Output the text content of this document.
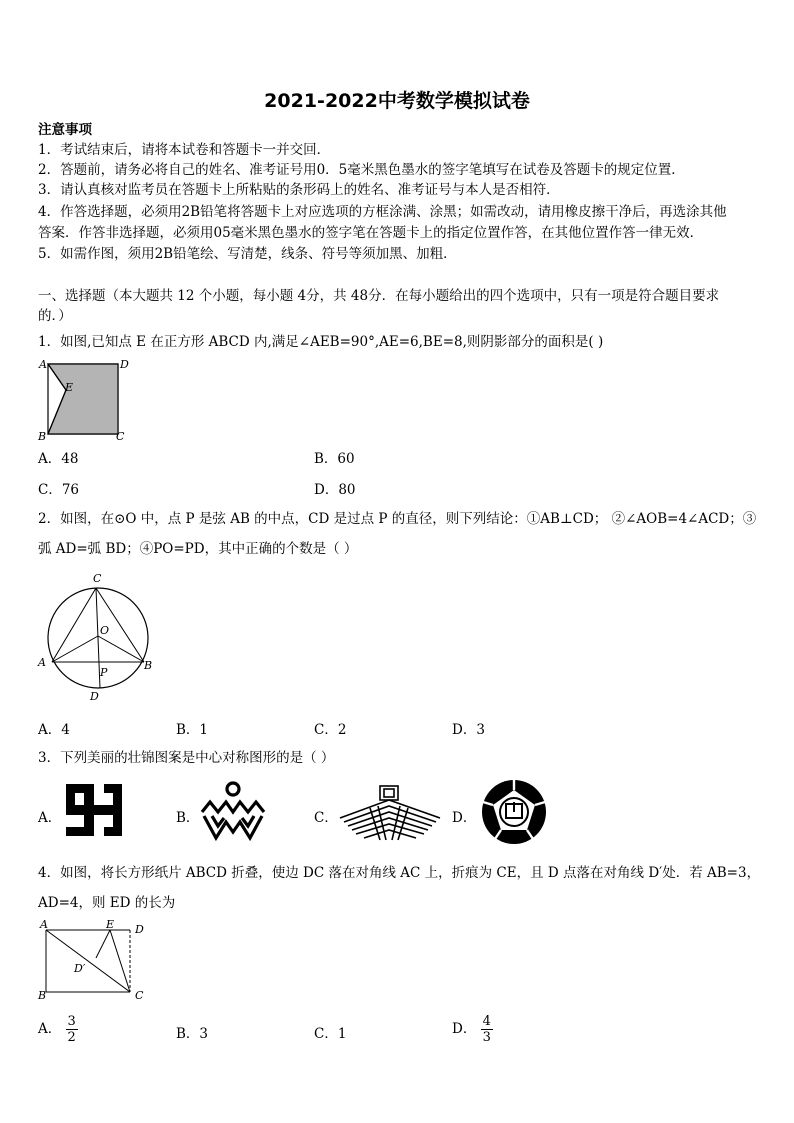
2021-2022中考数学模拟试卷
注意事项
1．考试结束后，请将本试卷和答题卡一并交回．
2．答题前，请务必将自己的姓名、准考证号用0．5毫米黑色墨水的签字笔填写在试卷及答题卡的规定位置．
3．请认真核对监考员在答题卡上所粘贴的条形码上的姓名、准考证号与本人是否相符．
4．作答选择题，必须用2B铅笔将答题卡上对应选项的方框涂满、涂黑；如需改动，请用橡皮擦干净后，再选涂其他
答案．作答非选择题，必须用05毫米黑色墨水的签字笔在答题卡上的指定位置作答，在其他位置作答一律无效．
5．如需作图，须用2B铅笔绘、写清楚，线条、符号等须加黑、加粗．
一、选择题（本大题共 12 个小题，每小题 4分，共 48分．在每小题给出的四个选项中，只有一项是符合题目要求
的．）
1．如图,已知点 E 在正方形 ABCD 内,满足∠AEB=90°,AE=6,BE=8,则阴影部分的面积是( )
A	D
E
B	C
A．48	B．60
C．76	D．80
2．如图，在⊙O 中，点 P 是弦 AB 的中点，CD 是过点 P 的直径，则下列结论：①AB⊥CD； ②∠AOB=4∠ACD；③
弧 AD=弧 BD；④PO=PD，其中正确的个数是（ ）
C
O
A	B
P
D
A．4	B．1	C．2	D．3
3．下列美丽的壮锦图案是中心对称图形的是（ ）
A．	B．	C．	D．
4．如图，将长方形纸片 ABCD 折叠，使边 DC 落在对角线 AC 上，折痕为 CE，且 D 点落在对角线 D′处．若 AB=3，
AD=4，则 ED 的长为
A	E D
D′
B	C
A． $\frac{3}{2}$	B．3	C．1	D． $\frac{4}{3}$
